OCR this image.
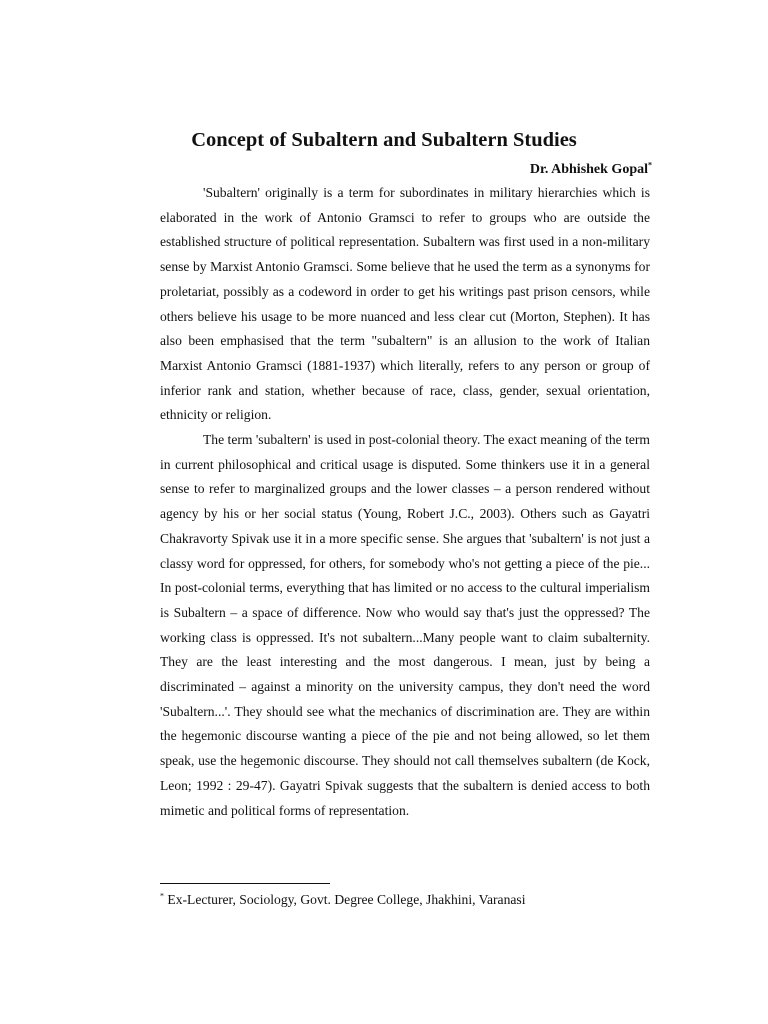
Concept of Subaltern and Subaltern Studies
Dr. Abhishek Gopal*

'Subaltern' originally is a term for subordinates in military hierarchies which is elaborated in the work of Antonio Gramsci to refer to groups who are outside the established structure of political representation. Subaltern was first used in a non-military sense by Marxist Antonio Gramsci. Some believe that he used the term as a synonyms for proletariat, possibly as a codeword in order to get his writings past prison censors, while others believe his usage to be more nuanced and less clear cut (Morton, Stephen). It has also been emphasised that the term "subaltern" is an allusion to the work of Italian Marxist Antonio Gramsci (1881-1937) which literally, refers to any person or group of inferior rank and station, whether because of race, class, gender, sexual orientation, ethnicity or religion.

The term 'subaltern' is used in post-colonial theory. The exact meaning of the term in current philosophical and critical usage is disputed. Some thinkers use it in a general sense to refer to marginalized groups and the lower classes – a person rendered without agency by his or her social status (Young, Robert J.C., 2003). Others such as Gayatri Chakravorty Spivak use it in a more specific sense. She argues that 'subaltern' is not just a classy word for oppressed, for others, for somebody who's not getting a piece of the pie... In post-colonial terms, everything that has limited or no access to the cultural imperialism is Subaltern – a space of difference. Now who would say that's just the oppressed? The working class is oppressed. It's not subaltern...Many people want to claim subalternity. They are the least interesting and the most dangerous. I mean, just by being a discriminated – against a minority on the university campus, they don't need the word 'Subaltern...'. They should see what the mechanics of discrimination are. They are within the hegemonic discourse wanting a piece of the pie and not being allowed, so let them speak, use the hegemonic discourse. They should not call themselves subaltern (de Kock, Leon; 1992 : 29-47). Gayatri Spivak suggests that the subaltern is denied access to both mimetic and political forms of representation.

* Ex-Lecturer, Sociology, Govt. Degree College, Jhakhini, Varanasi
